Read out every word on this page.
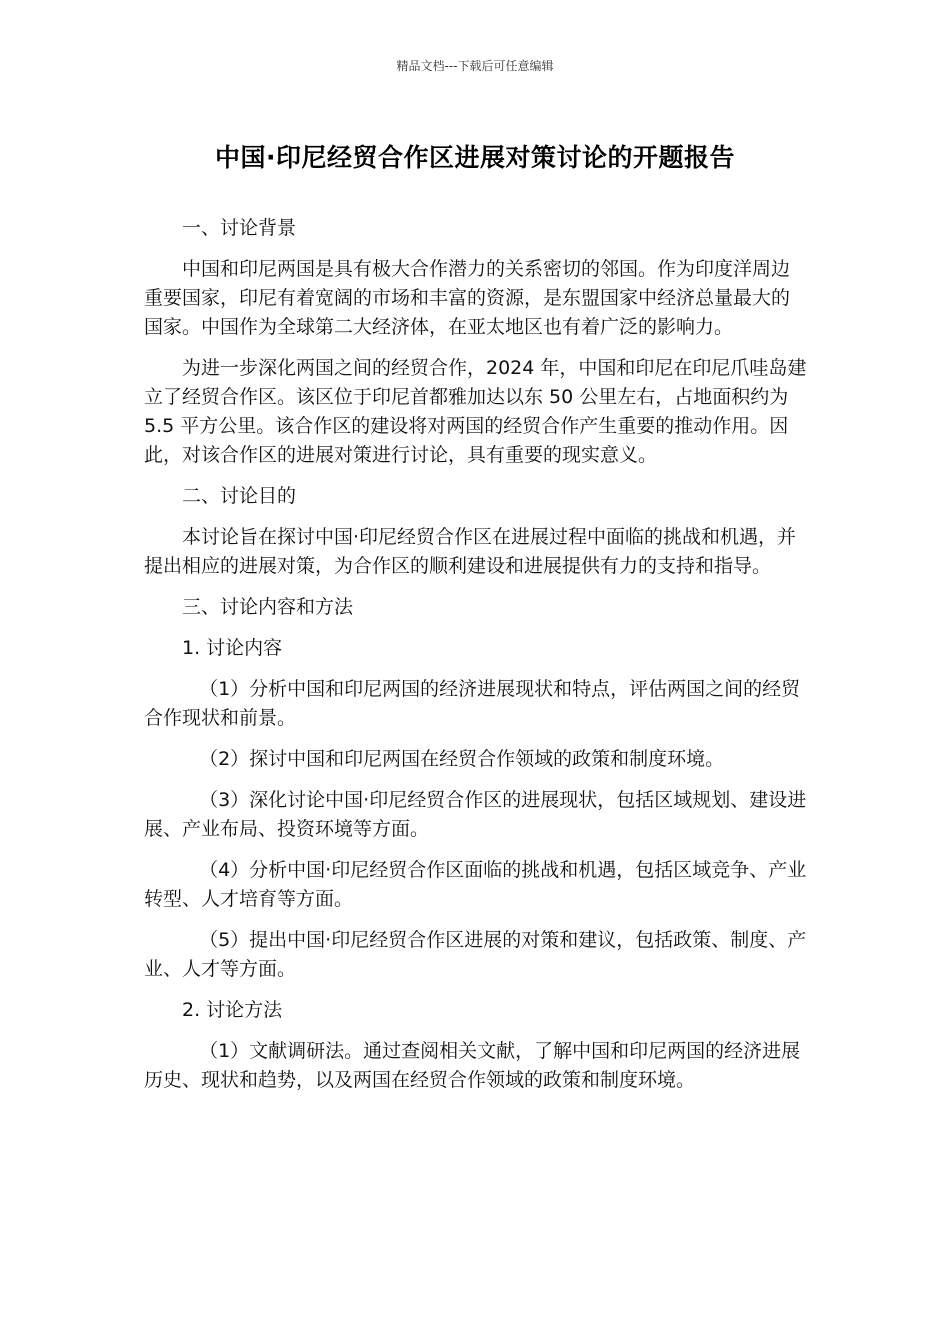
精品文档---下载后可任意编辑
中国·印尼经贸合作区进展对策讨论的开题报告

一、讨论背景

中国和印尼两国是具有极大合作潜力的关系密切的邻国。作为印度洋周边重要国家，印尼有着宽阔的市场和丰富的资源，是东盟国家中经济总量最大的国家。中国作为全球第二大经济体，在亚太地区也有着广泛的影响力。

为进一步深化两国之间的经贸合作，2024 年，中国和印尼在印尼爪哇岛建立了经贸合作区。该区位于印尼首都雅加达以东 50 公里左右，占地面积约为 5.5 平方公里。该合作区的建设将对两国的经贸合作产生重要的推动作用。因此，对该合作区的进展对策进行讨论，具有重要的现实意义。

二、讨论目的

本讨论旨在探讨中国·印尼经贸合作区在进展过程中面临的挑战和机遇，并提出相应的进展对策，为合作区的顺利建设和进展提供有力的支持和指导。

三、讨论内容和方法

1. 讨论内容

（1）分析中国和印尼两国的经济进展现状和特点，评估两国之间的经贸合作现状和前景。

（2）探讨中国和印尼两国在经贸合作领域的政策和制度环境。

（3）深化讨论中国·印尼经贸合作区的进展现状，包括区域规划、建设进展、产业布局、投资环境等方面。

（4）分析中国·印尼经贸合作区面临的挑战和机遇，包括区域竞争、产业转型、人才培育等方面。

（5）提出中国·印尼经贸合作区进展的对策和建议，包括政策、制度、产业、人才等方面。

2. 讨论方法

（1）文献调研法。通过查阅相关文献，了解中国和印尼两国的经济进展历史、现状和趋势，以及两国在经贸合作领域的政策和制度环境。
